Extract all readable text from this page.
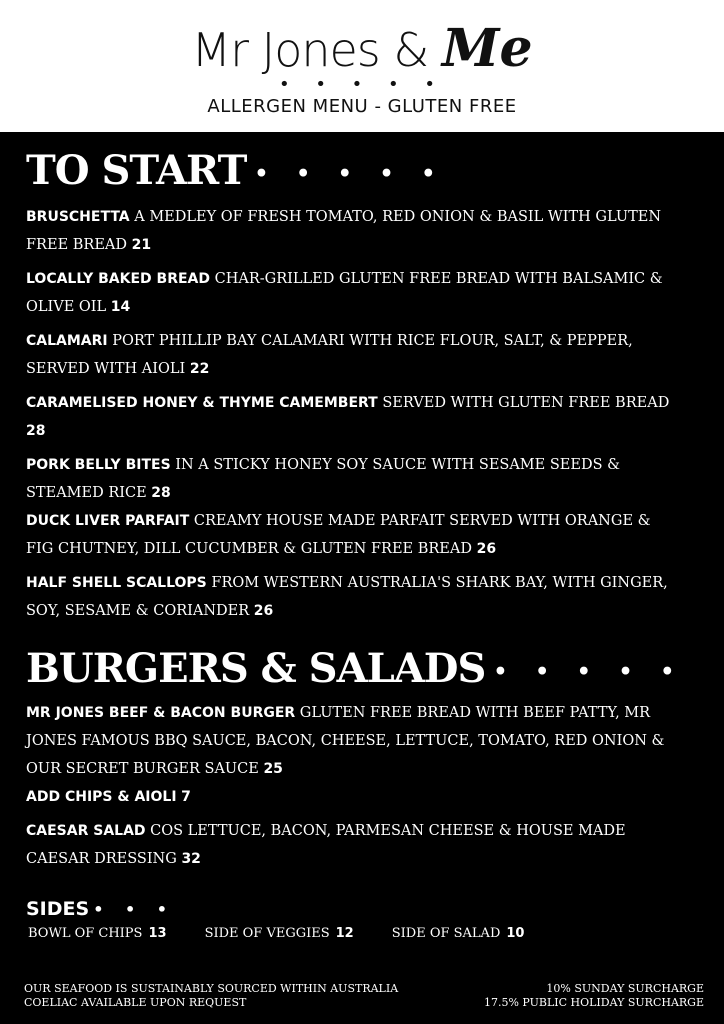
Mr Jones & Me
• • • • •
ALLERGEN MENU - GLUTEN FREE
TO START • • • • •

BRUSCHETTA A MEDLEY OF FRESH TOMATO, RED ONION & BASIL WITH GLUTEN FREE BREAD 21

LOCALLY BAKED BREAD CHAR-GRILLED GLUTEN FREE BREAD WITH BALSAMIC & OLIVE OIL 14

CALAMARI PORT PHILLIP BAY CALAMARI WITH RICE FLOUR, SALT, & PEPPER, SERVED WITH AIOLI 22

CARAMELISED HONEY & THYME CAMEMBERT SERVED WITH GLUTEN FREE BREAD 28

PORK BELLY BITES IN A STICKY HONEY SOY SAUCE WITH SESAME SEEDS & STEAMED RICE 28

DUCK LIVER PARFAIT CREAMY HOUSE MADE PARFAIT SERVED WITH ORANGE & FIG CHUTNEY, DILL CUCUMBER & GLUTEN FREE BREAD 26

HALF SHELL SCALLOPS FROM WESTERN AUSTRALIA'S SHARK BAY, WITH GINGER, SOY, SESAME & CORIANDER 26

BURGERS & SALADS • • • • •

MR JONES BEEF & BACON BURGER GLUTEN FREE BREAD WITH BEEF PATTY, MR JONES FAMOUS BBQ SAUCE, BACON, CHEESE, LETTUCE, TOMATO, RED ONION & OUR SECRET BURGER SAUCE 25

ADD CHIPS & AIOLI 7

CAESAR SALAD COS LETTUCE, BACON, PARMESAN CHEESE & HOUSE MADE CAESAR DRESSING 32

SIDES • • •
BOWL OF CHIPS 13	SIDE OF VEGGIES 12	SIDE OF SALAD 10
OUR SEAFOOD IS SUSTAINABLY SOURCED WITHIN AUSTRALIA
COELIAC AVAILABLE UPON REQUEST
10% SUNDAY SURCHARGE
17.5% PUBLIC HOLIDAY SURCHARGE
